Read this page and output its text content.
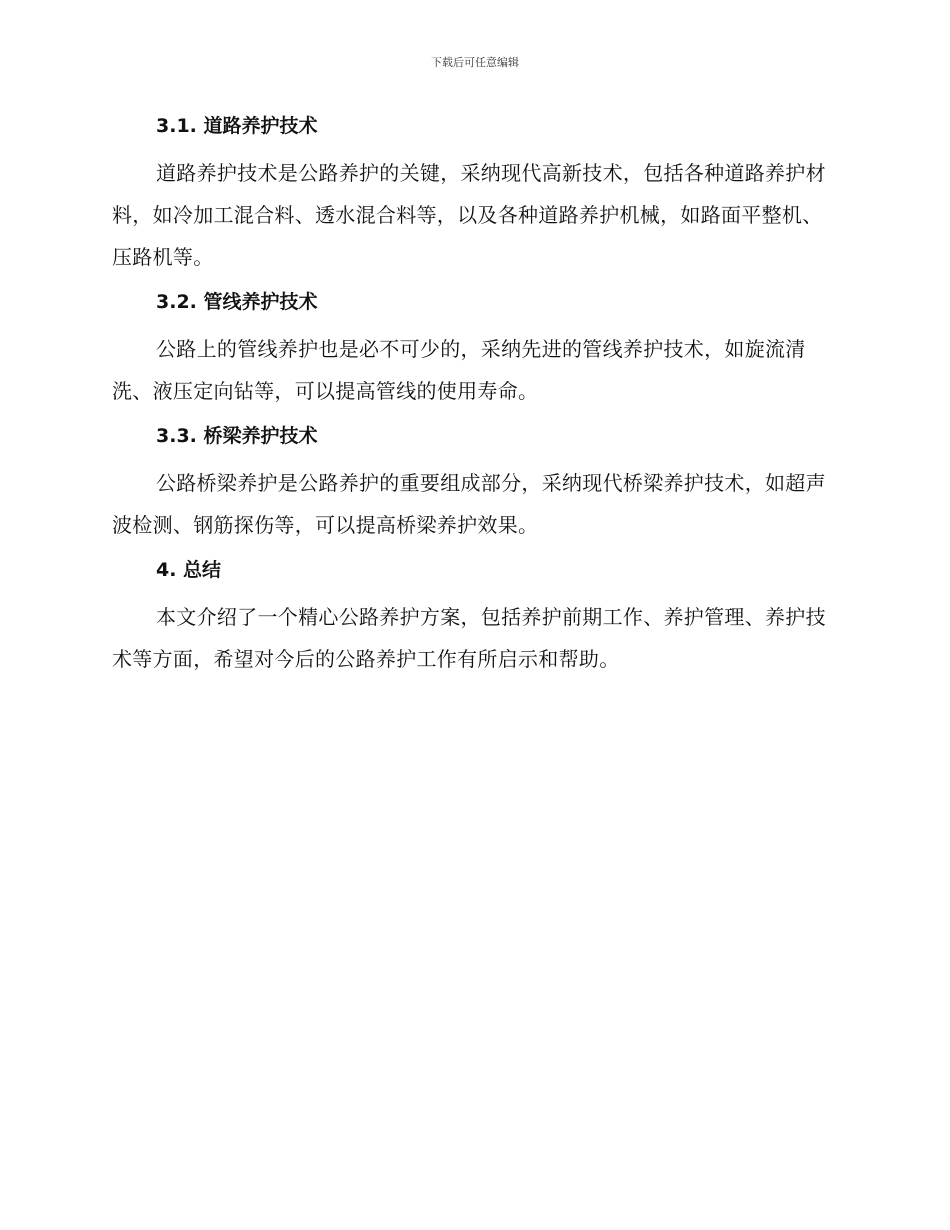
下载后可任意编辑
3.1. 道路养护技术

道路养护技术是公路养护的关键，采纳现代高新技术，包括各种道路养护材料，如冷加工混合料、透水混合料等，以及各种道路养护机械，如路面平整机、压路机等。

3.2. 管线养护技术

公路上的管线养护也是必不可少的，采纳先进的管线养护技术，如旋流清洗、液压定向钻等，可以提高管线的使用寿命。

3.3. 桥梁养护技术

公路桥梁养护是公路养护的重要组成部分，采纳现代桥梁养护技术，如超声波检测、钢筋探伤等，可以提高桥梁养护效果。

4. 总结

本文介绍了一个精心公路养护方案，包括养护前期工作、养护管理、养护技术等方面，希望对今后的公路养护工作有所启示和帮助。
